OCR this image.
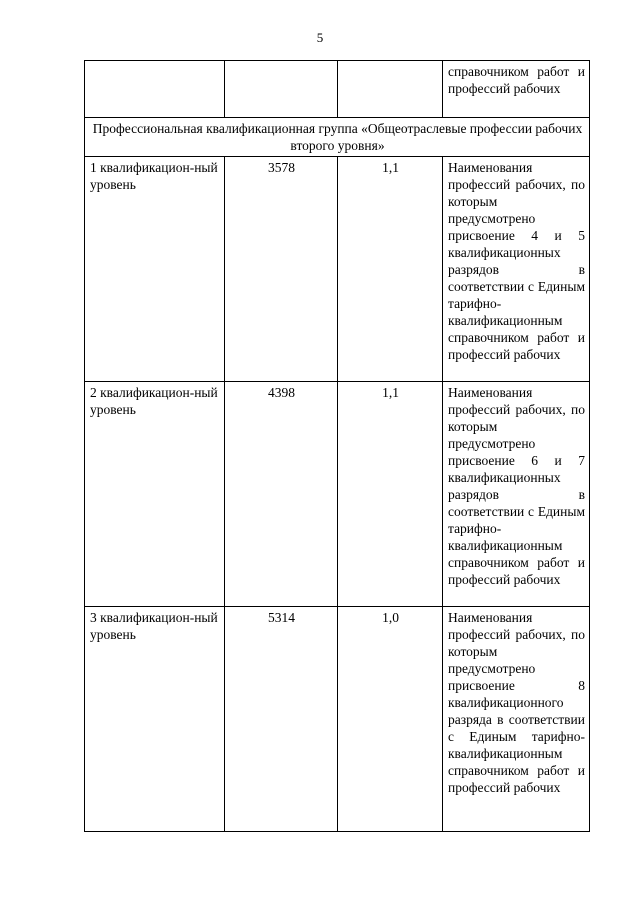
5
			справочником работ и профессий рабочих
Профессиональная квалификационная группа «Общеотраслевые профессии рабочих второго уровня»			
1 квалификацион-ный уровень	3578	1,1	Наименования профессий рабочих, по которым предусмотрено присвоение 4 и 5 квалификационных разрядов в соответствии с Единым тарифно-квалификационным справочником работ и профессий рабочих
2 квалификацион-ный уровень	4398	1,1	Наименования профессий рабочих, по которым предусмотрено присвоение 6 и 7 квалификационных разрядов в соответствии с Единым тарифно-квалификационным справочником работ и профессий рабочих
3 квалификацион-ный уровень	5314	1,0	Наименования профессий рабочих, по которым предусмотрено присвоение 8 квалификационного разряда в соответствии с Единым тарифно-квалификационным справочником работ и профессий рабочих
